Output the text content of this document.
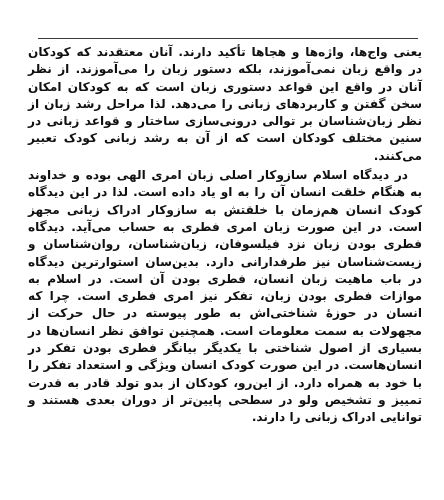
یعنی واج‌ها، واژه‌ها و هجاها تأکید دارند. آنان معتقدند که کودکان در واقع زبان نمی‌آموزند، بلکه دستور زبان را می‌آموزند. از نظر آنان در واقع این قواعد دستوری زبان است که به کودکان امکان سخن گفتن و کاربردهای زبانی را می‌دهد. لذا مراحل رشد زبان از نظر زبان‌شناسان بر توالی درونی‌سازی ساختار و قواعد زبانی در سنین مختلف کودکان است که از آن به رشد زبانی کودک تعبیر می‌کنند.

در دیدگاه اسلام سازوکار اصلی زبان امری الهی بوده و خداوند به هنگام خلقت انسان آن را به او یاد داده است. لذا در این دیدگاه کودک انسان هم‌زمان با خلقتش به سازوکار ادراک زبانی مجهز است. در این صورت زبان امری فطری به حساب می‌آید. دیدگاه فطری بودن زبان نزد فیلسوفان، زبان‌شناسان، روان‌شناسان و زیست‌شناسان نیز طرفدارانی دارد. بدین‌سان استوارترین دیدگاه در باب ماهیت زبان انسان، فطری بودن آن است. در اسلام به موازات فطری بودن زبان، تفکر نیز امری فطری است. چرا که انسان در حوزهٔ شناختی‌اش به طور پیوسته در حال حرکت از مجهولات به سمت معلومات است. همچنین توافق نظر انسان‌ها در بسیاری از اصول شناختی با یکدیگر بیانگر فطری بودن تفکر در انسان‌هاست. در این صورت کودک انسان ویژگی و استعداد تفکر را با خود به همراه دارد. از این‌رو، کودکان از بدو تولد قادر به قدرت تمییز و تشخیص ولو در سطحی پایین‌تر از دوران بعدی هستند و توانایی ادراک زبانی را دارند.
